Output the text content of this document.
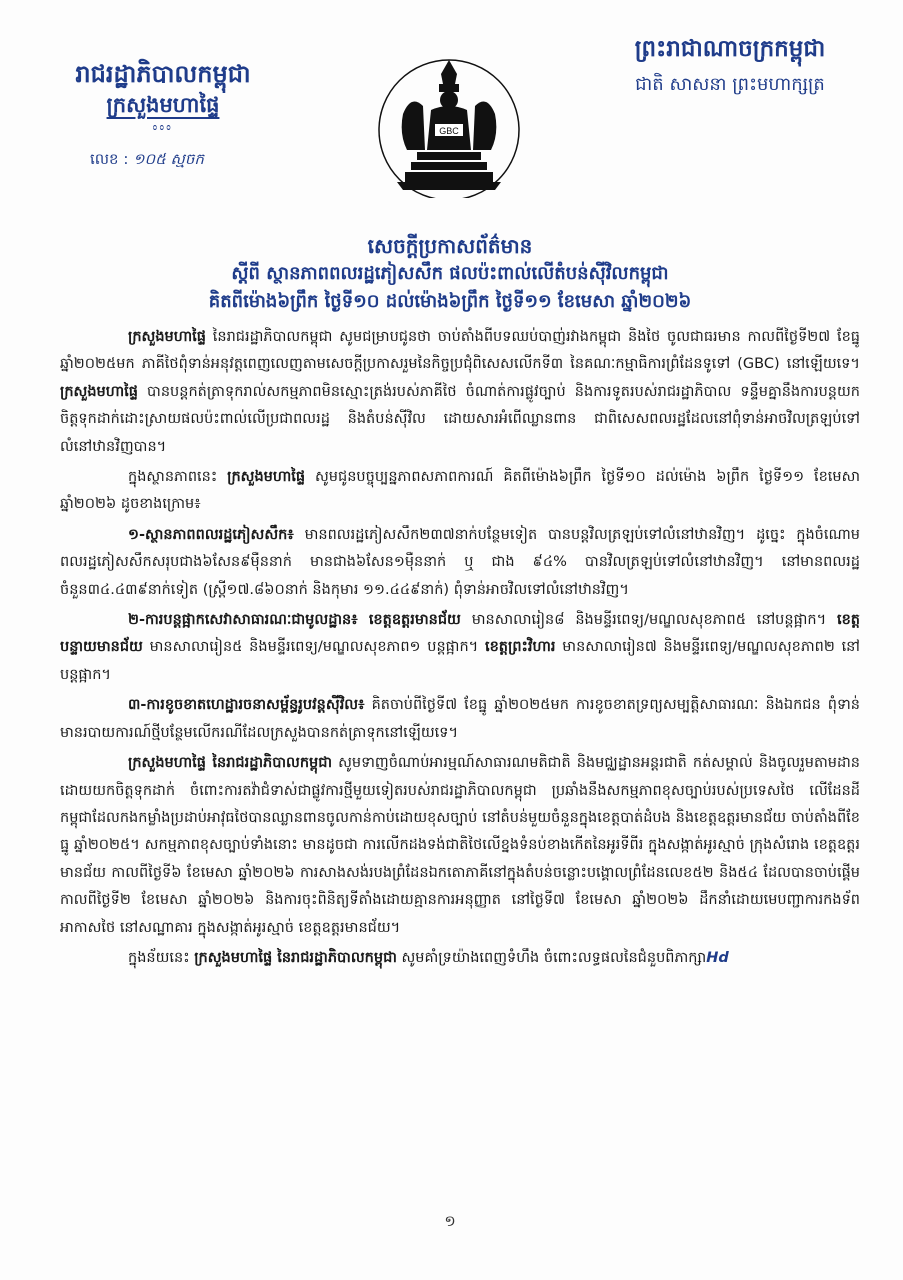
រាជរដ្ឋាភិបាលកម្ពុជា
ក្រសួងមហាផ្ទៃ
᭜᭜᭜
លេខ : ១០៥ ស្មចក
GBC
ព្រះរាជាណាចក្រកម្ពុជា
ជាតិ សាសនា ព្រះមហាក្សត្រ
សេចក្តីប្រកាសព័ត៌មាន
ស្តីពី ស្ថានភាពពលរដ្ឋភៀសសឹក ផលប៉ះពាល់លើតំបន់ស៊ីវិលកម្ពុជា
គិតពីម៉ោង៦ព្រឹក ថ្ងៃទី១០ ដល់ម៉ោង៦ព្រឹក ថ្ងៃទី១១ ខែមេសា ឆ្នាំ២០២៦

ក្រសួងមហាផ្ទៃ នៃរាជរដ្ឋាភិបាលកម្ពុជា សូមជម្រាបជូនថា ចាប់តាំងពីបទឈប់បាញ់រវាងកម្ពុជា និងថៃ ចូលជាធរមាន កាលពីថ្ងៃទី២៧ ខែធ្នូ ឆ្នាំ២០២៥មក ភាគីថៃពុំទាន់អនុវត្តពេញលេញតាមសេចក្តីប្រកាសរួមនៃកិច្ចប្រជុំពិសេសលើកទី៣ នៃគណៈកម្មាធិការព្រំដែនទូទៅ (GBC) នៅឡើយទេ។ ក្រសួងមហាផ្ទៃ បានបន្តកត់ត្រាទុករាល់សកម្មភាពមិនស្មោះត្រង់របស់ភាគីថៃ ចំណាត់ការផ្លូវច្បាប់ និងការទូតរបស់រាជរដ្ឋាភិបាល ទន្ទឹមគ្នានឹងការបន្តយកចិត្តទុកដាក់ដោះស្រាយផលប៉ះពាល់លើប្រជាពលរដ្ឋ និងតំបន់ស៊ីវិល ដោយសារអំពើឈ្លានពាន ជាពិសេសពលរដ្ឋដែលនៅពុំទាន់អាចវិលត្រឡប់ទៅលំនៅឋានវិញបាន។

ក្នុងស្ថានភាពនេះ ក្រសួងមហាផ្ទៃ សូមជូនបច្ចុប្បន្នភាពសភាពការណ៍ គិតពីម៉ោង៦ព្រឹក ថ្ងៃទី១០ ដល់ម៉ោង ៦ព្រឹក ថ្ងៃទី១១ ខែមេសា ឆ្នាំ២០២៦ ដូចខាងក្រោម៖

១-ស្ថានភាពពលរដ្ឋភៀសសឹក៖ មានពលរដ្ឋភៀសសឹក២៣៧នាក់បន្ថែមទៀត បានបន្តវិលត្រឡប់ទៅលំនៅឋានវិញ។ ដូច្នេះ ក្នុងចំណោមពលរដ្ឋភៀសសឹកសរុបជាង៦សែន៩ម៉ឺននាក់ មានជាង៦សែន១ម៉ឺននាក់ ឬ ជាង ៩៤% បានវិលត្រឡប់ទៅលំនៅឋានវិញ។ នៅមានពលរដ្ឋចំនួន៣៤.៤៣៩នាក់ទៀត (ស្ត្រី១៧.៨៦០នាក់ និងកុមារ ១១.៤៤៩នាក់) ពុំទាន់អាចវិលទៅលំនៅឋានវិញ។

២-ការបន្តផ្អាកសេវាសាធារណៈជាមូលដ្ឋាន៖ ខេត្តឧត្តរមានជ័យ មានសាលារៀន៨ និងមន្ទីរពេទ្យ/មណ្ឌលសុខភាព៥ នៅបន្តផ្អាក។ ខេត្តបន្ទាយមានជ័យ មានសាលារៀន៥ និងមន្ទីរពេទ្យ/មណ្ឌលសុខភាព១ បន្តផ្អាក។ ខេត្តព្រះវិហារ មានសាលារៀន៧ និងមន្ទីរពេទ្យ/មណ្ឌលសុខភាព២ នៅបន្តផ្អាក។

៣-ការខូចខាតហេដ្ឋារចនាសម្ព័ន្ធរូបវន្តស៊ីវិល៖ គិតចាប់ពីថ្ងៃទី៧ ខែធ្នូ ឆ្នាំ២០២៥មក ការខូចខាតទ្រព្យសម្បត្តិសាធារណៈ និងឯកជន ពុំទាន់មានរបាយការណ៍ថ្មីបន្ថែមលើករណីដែលក្រសួងបានកត់ត្រាទុកនៅឡើយទេ។

ក្រសួងមហាផ្ទៃ នៃរាជរដ្ឋាភិបាលកម្ពុជា សូមទាញចំណាប់អារម្មណ៍សាធារណមតិជាតិ និងមជ្ឈដ្ឋានអន្តរជាតិ កត់សម្គាល់ និងចូលរួមតាមដានដោយយកចិត្តទុកដាក់ ចំពោះការតវ៉ាជំទាស់ជាផ្លូវការថ្មីមួយទៀតរបស់រាជរដ្ឋាភិបាលកម្ពុជា ប្រឆាំងនឹងសកម្មភាពខុសច្បាប់របស់ប្រទេសថៃ លើដែនដីកម្ពុជាដែលកងកម្លាំងប្រដាប់អាវុធថៃបានឈ្លានពានចូលកាន់កាប់ដោយខុសច្បាប់ នៅតំបន់មួយចំនួនក្នុងខេត្តបាត់ដំបង និងខេត្តឧត្តរមានជ័យ ចាប់តាំងពីខែធ្នូ ឆ្នាំ២០២៥។ សកម្មភាពខុសច្បាប់ទាំងនោះ មានដូចជា ការលើកដងទង់ជាតិថៃលើខ្នងទំនប់ខាងកើតនៃអូរទីពីរ ក្នុងសង្កាត់អូរស្មាច់ ក្រុងសំរោង ខេត្តឧត្តរមានជ័យ កាលពីថ្ងៃទី៦ ខែមេសា ឆ្នាំ២០២៦ ការសាងសង់របងព្រំដែនឯកតោភាគីនៅក្នុងតំបន់ចន្លោះបង្គោលព្រំដែនលេខ៥២ និង៥៤ ដែលបានចាប់ផ្តើមកាលពីថ្ងៃទី២ ខែមេសា ឆ្នាំ២០២៦ និងការចុះពិនិត្យទីតាំងដោយគ្មានការអនុញ្ញាត នៅថ្ងៃទី៧ ខែមេសា ឆ្នាំ២០២៦ ដឹកនាំដោយមេបញ្ជាការកងទ័ពអាកាសថៃ នៅសណ្ឋាគារ ក្នុងសង្កាត់អូរស្មាច់ ខេត្តឧត្តរមានជ័យ។

ក្នុងន័យនេះ ក្រសួងមហាផ្ទៃ នៃរាជរដ្ឋាភិបាលកម្ពុជា សូមគាំទ្រយ៉ាងពេញទំហឹង ចំពោះលទ្ធផលនៃជំនួបពិភាក្សាHd

១
